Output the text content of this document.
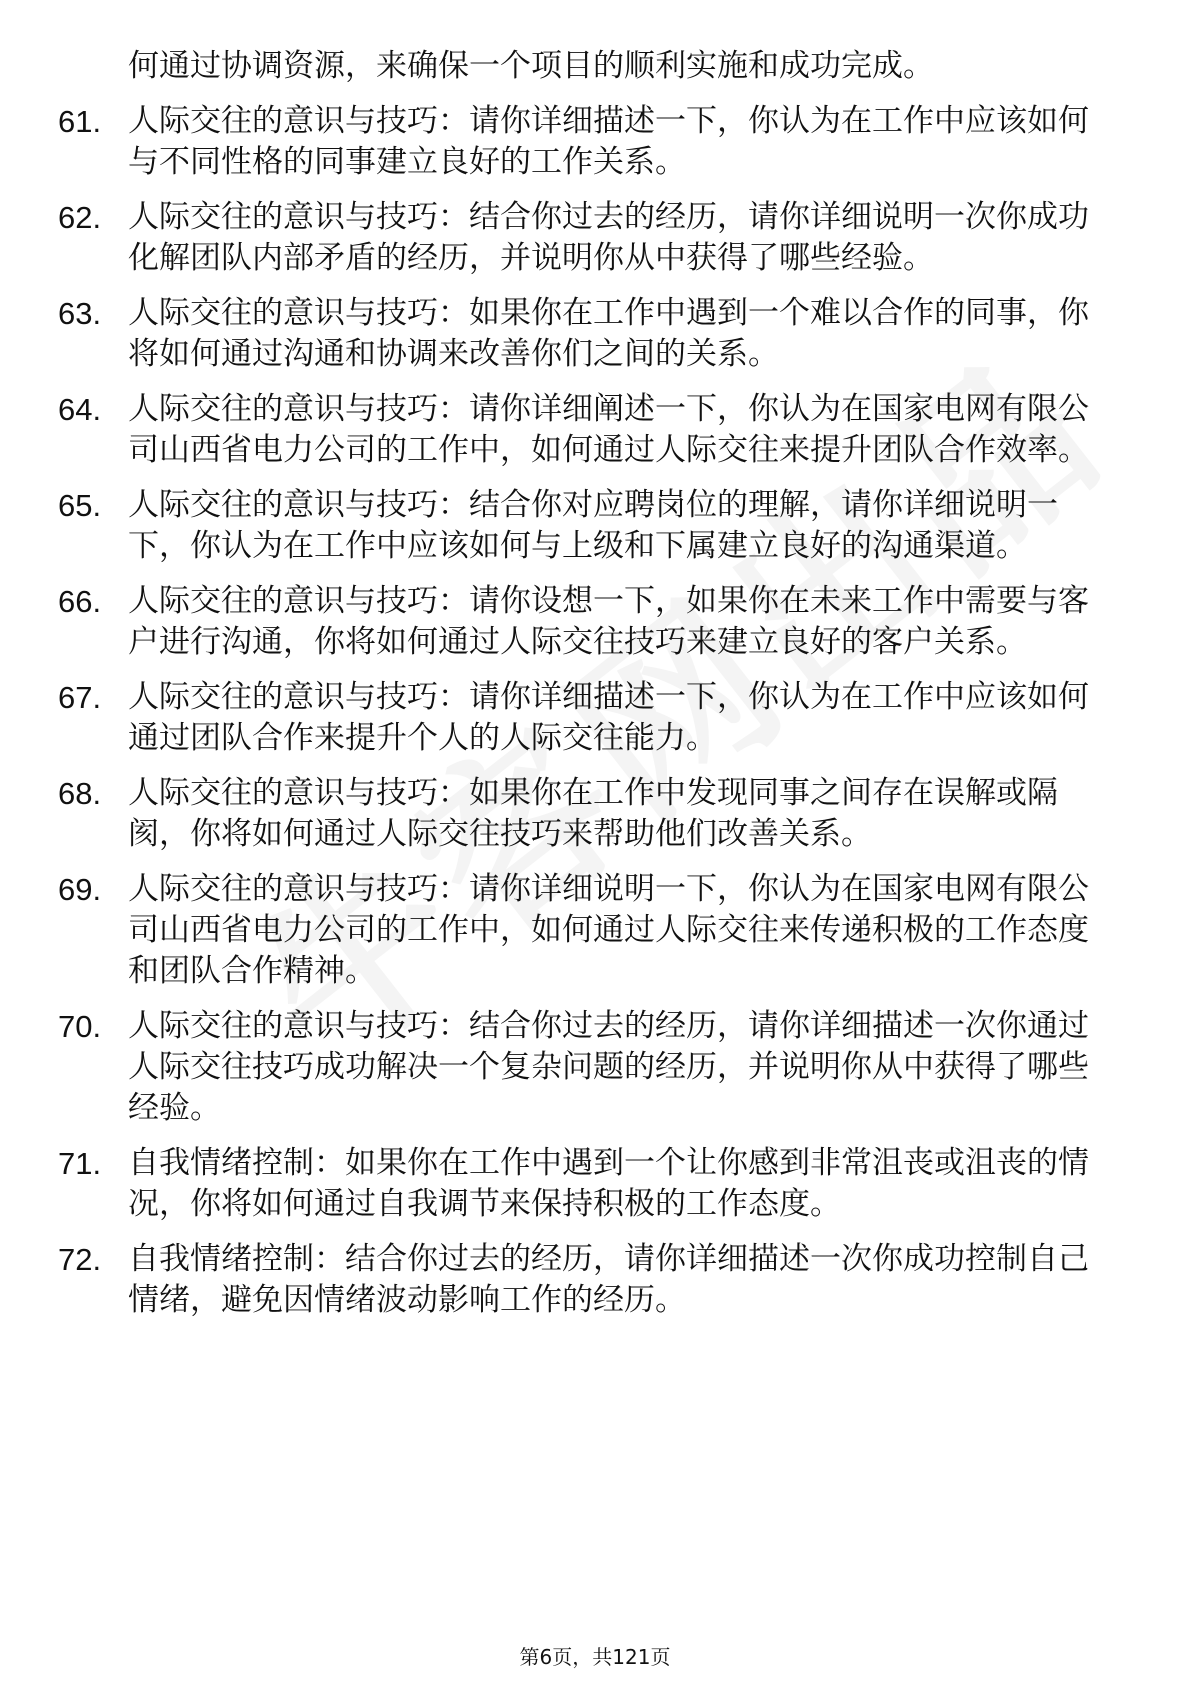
何通过协调资源，来确保一个项目的顺利实施和成功完成。
61. 人际交往的意识与技巧：请你详细描述一下，你认为在工作中应该如何与不同性格的同事建立良好的工作关系。
62. 人际交往的意识与技巧：结合你过去的经历，请你详细说明一次你成功化解团队内部矛盾的经历，并说明你从中获得了哪些经验。
63. 人际交往的意识与技巧：如果你在工作中遇到一个难以合作的同事，你将如何通过沟通和协调来改善你们之间的关系。
64. 人际交往的意识与技巧：请你详细阐述一下，你认为在国家电网有限公司山西省电力公司的工作中，如何通过人际交往来提升团队合作效率。
65. 人际交往的意识与技巧：结合你对应聘岗位的理解，请你详细说明一下，你认为在工作中应该如何与上级和下属建立良好的沟通渠道。
66. 人际交往的意识与技巧：请你设想一下，如果你在未来工作中需要与客户进行沟通，你将如何通过人际交往技巧来建立良好的客户关系。
67. 人际交往的意识与技巧：请你详细描述一下，你认为在工作中应该如何通过团队合作来提升个人的人际交往能力。
68. 人际交往的意识与技巧：如果你在工作中发现同事之间存在误解或隔阂，你将如何通过人际交往技巧来帮助他们改善关系。
69. 人际交往的意识与技巧：请你详细说明一下，你认为在国家电网有限公司山西省电力公司的工作中，如何通过人际交往来传递积极的工作态度和团队合作精神。
70. 人际交往的意识与技巧：结合你过去的经历，请你详细描述一次你通过人际交往技巧成功解决一个复杂问题的经历，并说明你从中获得了哪些经验。
71. 自我情绪控制：如果你在工作中遇到一个让你感到非常沮丧或沮丧的情况，你将如何通过自我调节来保持积极的工作态度。
72. 自我情绪控制：结合你过去的经历，请你详细描述一次你成功控制自己情绪，避免因情绪波动影响工作的经历。
第6页，共121页
